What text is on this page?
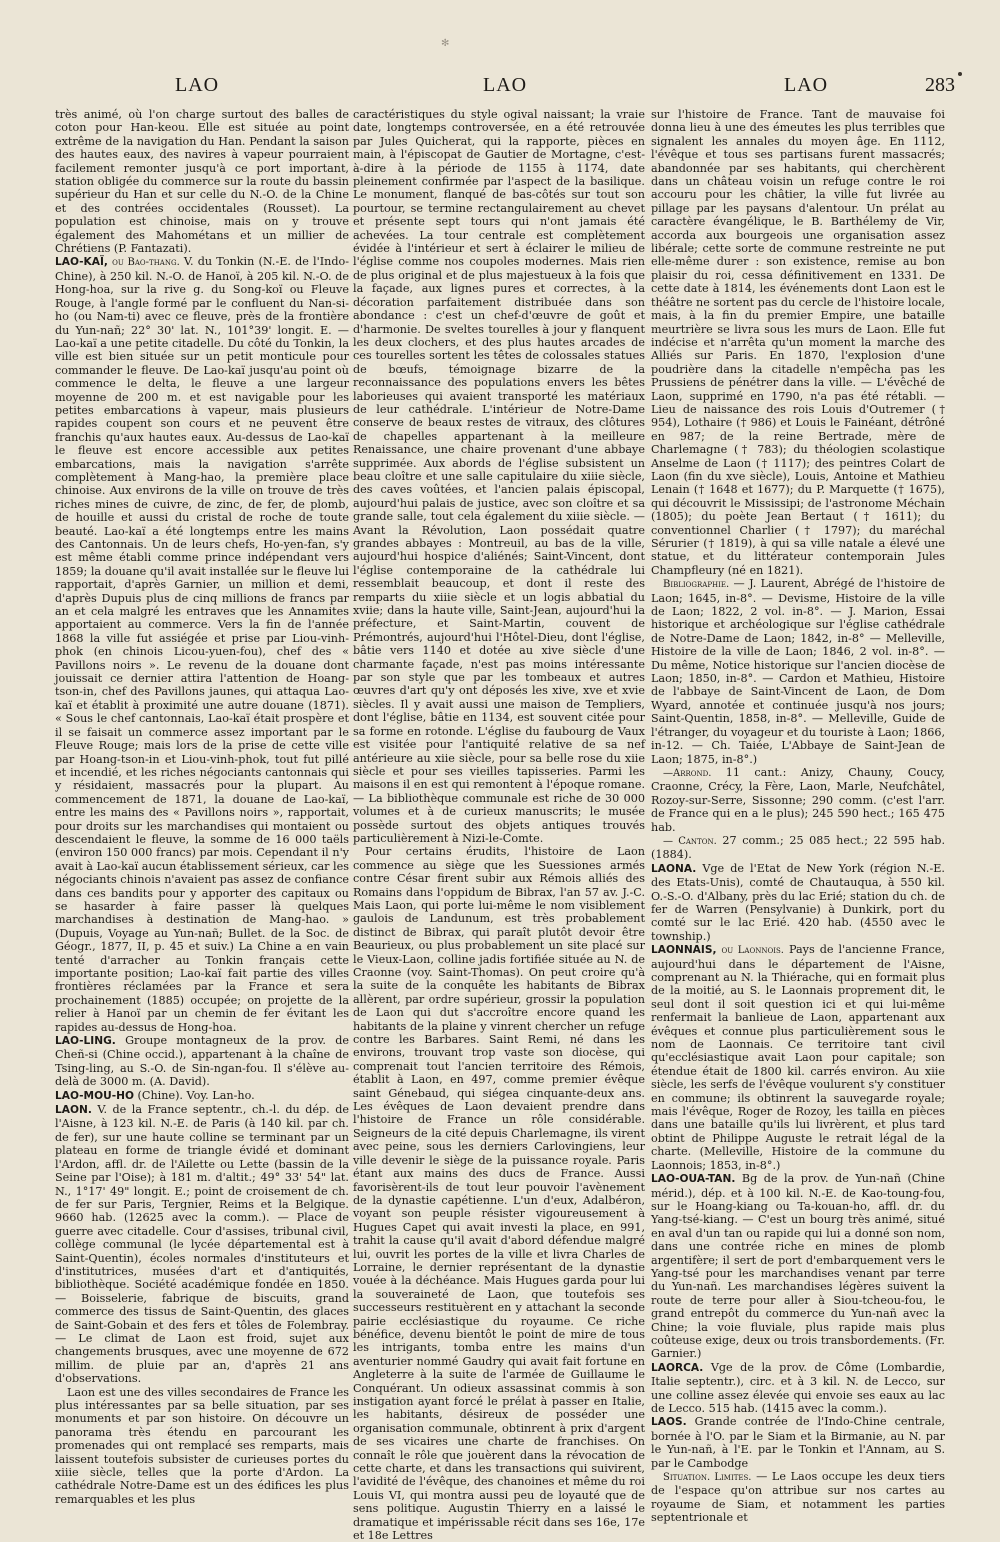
✻
LAO	LAO	LAO	283

très animé, où l'on charge surtout des balles de coton pour Han-keou. Elle est située au point extrême de la navigation du Han. Pendant la saison des hautes eaux, des navires à vapeur pourraient facilement remonter jusqu'à ce port important, station obligée du commerce sur la route du bassin supérieur du Han et sur celle du N.-O. de la Chine et des contrées occidentales (Rousset). La population est chinoise, mais on y trouve également des Mahométans et un millier de Chrétiens (P. Fantazati).

LAO-KAÏ, ou Bao-thang. V. du Tonkin (N.-E. de l'Indo-Chine), à 250 kil. N.-O. de Hanoï, à 205 kil. N.-O. de Hong-hoa, sur la rive g. du Song-koï ou Fleuve Rouge, à l'angle formé par le confluent du Nan-si-ho (ou Nam-ti) avec ce fleuve, près de la frontière du Yun-nañ; 22° 30' lat. N., 101°39' longit. E. — Lao-kaï a une petite citadelle. Du côté du Tonkin, la ville est bien située sur un petit monticule pour commander le fleuve. De Lao-kaï jusqu'au point où commence le delta, le fleuve a une largeur moyenne de 200 m. et est navigable pour les petites embarcations à vapeur, mais plusieurs rapides coupent son cours et ne peuvent être franchis qu'aux hautes eaux. Au-dessus de Lao-kaï le fleuve est encore accessible aux petites embarcations, mais la navigation s'arrête complètement à Mang-hao, la première place chinoise. Aux environs de la ville on trouve de très riches mines de cuivre, de zinc, de fer, de plomb, de houille et aussi du cristal de roche de toute beauté. Lao-kaï a été longtemps entre les mains des Cantonnais. Un de leurs chefs, Ho-yen-fan, s'y est même établi comme prince indépendant vers 1859; la douane qu'il avait installée sur le fleuve lui rapportait, d'après Garnier, un million et demi, d'après Dupuis plus de cinq millions de francs par an et cela malgré les entraves que les Annamites apportaient au commerce. Vers la fin de l'année 1868 la ville fut assiégée et prise par Liou-vinh-phok (en chinois Licou-yuen-fou), chef des « Pavillons noirs ». Le revenu de la douane dont jouissait ce dernier attira l'attention de Hoang-tson-in, chef des Pavillons jaunes, qui attaqua Lao-kaï et établit à proximité une autre douane (1871). « Sous le chef cantonnais, Lao-kaï était prospère et il se faisait un commerce assez important par le Fleuve Rouge; mais lors de la prise de cette ville par Hoang-tson-in et Liou-vinh-phok, tout fut pillé et incendié, et les riches négociants cantonnais qui y résidaient, massacrés pour la plupart. Au commencement de 1871, la douane de Lao-kaï, entre les mains des « Pavillons noirs », rapportait, pour droits sur les marchandises qui montaient ou descendaient le fleuve, la somme de 16 000 taëls (environ 150 000 francs) par mois. Cependant il n'y avait à Lao-kaï aucun établissement sérieux, car les négociants chinois n'avaient pas assez de confiance dans ces bandits pour y apporter des capitaux ou se hasarder à faire passer là quelques marchandises à destination de Mang-hao. » (Dupuis, Voyage au Yun-nañ; Bullet. de la Soc. de Géogr., 1877, II, p. 45 et suiv.) La Chine a en vain tenté d'arracher au Tonkin français cette importante position; Lao-kaï fait partie des villes frontières réclamées par la France et sera prochainement (1885) occupée; on projette de la relier à Hanoï par un chemin de fer évitant les rapides au-dessus de Hong-hoa.

LAO-LING. Groupe montagneux de la prov. de Cheñ-si (Chine occid.), appartenant à la chaîne de Tsing-ling, au S.-O. de Sin-ngan-fou. Il s'élève au-delà de 3000 m. (A. David).

LAO-MOU-HO (Chine). Voy. Lan-ho.

LAON. V. de la France septentr., ch.-l. du dép. de l'Aisne, à 123 kil. N.-E. de Paris (à 140 kil. par ch. de fer), sur une haute colline se terminant par un plateau en forme de triangle évidé et dominant l'Ardon, affl. dr. de l'Ailette ou Lette (bassin de la Seine par l'Oise); à 181 m. d'altit.; 49° 33' 54" lat. N., 1°17' 49" longit. E.; point de croisement de ch. de fer sur Paris, Tergnier, Reims et la Belgique. 9660 hab. (12625 avec la comm.). — Place de guerre avec citadelle. Cour d'assises, tribunal civil, collège communal (le lycée départemental est à Saint-Quentin), écoles normales d'instituteurs et d'institutrices, musées d'art et d'antiquités, bibliothèque. Société académique fondée en 1850. — Boisselerie, fabrique de biscuits, grand commerce des tissus de Saint-Quentin, des glaces de Saint-Gobain et des fers et tôles de Folembray. — Le climat de Laon est froid, sujet aux changements brusques, avec une moyenne de 672 millim. de pluie par an, d'après 21 ans d'observations.

Laon est une des villes secondaires de France les plus intéressantes par sa belle situation, par ses monuments et par son histoire. On découvre un panorama très étendu en parcourant les promenades qui ont remplacé ses remparts, mais laissent toutefois subsister de curieuses portes du xiiie siècle, telles que la porte d'Ardon. La cathédrale Notre-Dame est un des édifices les plus remarquables et les plus

caractéristiques du style ogival naissant; la vraie date, longtemps controversée, en a été retrouvée par Jules Quicherat, qui la rapporte, pièces en main, à l'épiscopat de Gautier de Mortagne, c'est-à-dire à la période de 1155 à 1174, date pleinement confirmée par l'aspect de la basilique. Le monument, flanqué de bas-côtés sur tout son pourtour, se termine rectangulairement au chevet et présente sept tours qui n'ont jamais été achevées. La tour centrale est complètement évidée à l'intérieur et sert à éclairer le milieu de l'église comme nos coupoles modernes. Mais rien de plus original et de plus majestueux à la fois que la façade, aux lignes pures et correctes, à la décoration parfaitement distribuée dans son abondance : c'est un chef-d'œuvre de goût et d'harmonie. De sveltes tourelles à jour y flanquent les deux clochers, et des plus hautes arcades de ces tourelles sortent les têtes de colossales statues de bœufs, témoignage bizarre de la reconnaissance des populations envers les bêtes laborieuses qui avaient transporté les matériaux de leur cathédrale. L'intérieur de Notre-Dame conserve de beaux restes de vitraux, des clôtures de chapelles appartenant à la meilleure Renaissance, une chaire provenant d'une abbaye supprimée. Aux abords de l'église subsistent un beau cloître et une salle capitulaire du xiiie siècle, des caves voûtées, et l'ancien palais épiscopal, aujourd'hui palais de justice, avec son cloître et sa grande salle, tout cela également du xiiie siècle. — Avant la Révolution, Laon possédait quatre grandes abbayes : Montreuil, au bas de la ville, aujourd'hui hospice d'aliénés; Saint-Vincent, dont l'église contemporaine de la cathédrale lui ressemblait beaucoup, et dont il reste des remparts du xiiie siècle et un logis abbatial du xviie; dans la haute ville, Saint-Jean, aujourd'hui la préfecture, et Saint-Martin, couvent de Prémontrés, aujourd'hui l'Hôtel-Dieu, dont l'église, bâtie vers 1140 et dotée au xive siècle d'une charmante façade, n'est pas moins intéressante par son style que par les tombeaux et autres œuvres d'art qu'y ont déposés les xive, xve et xvie siècles. Il y avait aussi une maison de Templiers, dont l'église, bâtie en 1134, est souvent citée pour sa forme en rotonde. L'église du faubourg de Vaux est visitée pour l'antiquité relative de sa nef antérieure au xiie siècle, pour sa belle rose du xiie siècle et pour ses vieilles tapisseries. Parmi les maisons il en est qui remontent à l'époque romane. — La bibliothèque communale est riche de 30 000 volumes et à de curieux manuscrits; le musée possède surtout des objets antiques trouvés particulièrement à Nizi-le-Comte.

Pour certains érudits, l'histoire de Laon commence au siège que les Suessiones armés contre César firent subir aux Rémois alliés des Romains dans l'oppidum de Bibrax, l'an 57 av. J.-C. Mais Laon, qui porte lui-même le nom visiblement gaulois de Landunum, est très probablement distinct de Bibrax, qui paraît plutôt devoir être Beaurieux, ou plus probablement un site placé sur le Vieux-Laon, colline jadis fortifiée située au N. de Craonne (voy. Saint-Thomas). On peut croire qu'à la suite de la conquête les habitants de Bibrax allèrent, par ordre supérieur, grossir la population de Laon qui dut s'accroître encore quand les habitants de la plaine y vinrent chercher un refuge contre les Barbares. Saint Remi, né dans les environs, trouvant trop vaste son diocèse, qui comprenait tout l'ancien territoire des Rémois, établit à Laon, en 497, comme premier évêque saint Génebaud, qui siégea cinquante-deux ans. Les évêques de Laon devaient prendre dans l'histoire de France un rôle considérable. Seigneurs de la cité depuis Charlemagne, ils virent avec peine, sous les derniers Carlovingiens, leur ville devenir le siège de la puissance royale. Paris étant aux mains des ducs de France. Aussi favorisèrent-ils de tout leur pouvoir l'avènement de la dynastie capétienne. L'un d'eux, Adalbéron, voyant son peuple résister vigoureusement à Hugues Capet qui avait investi la place, en 991, trahit la cause qu'il avait d'abord défendue malgré lui, ouvrit les portes de la ville et livra Charles de Lorraine, le dernier représentant de la dynastie vouée à la déchéance. Mais Hugues garda pour lui la souveraineté de Laon, que toutefois ses successeurs restituèrent en y attachant la seconde pairie ecclésiastique du royaume. Ce riche bénéfice, devenu bientôt le point de mire de tous les intrigants, tomba entre les mains d'un aventurier nommé Gaudry qui avait fait fortune en Angleterre à la suite de l'armée de Guillaume le Conquérant. Un odieux assassinat commis à son instigation ayant forcé le prélat à passer en Italie, les habitants, désireux de posséder une organisation communale, obtinrent à prix d'argent de ses vicaires une charte de franchises. On connaît le rôle que jouèrent dans la révocation de cette charte, et dans les transactions qui suivirent, l'avidité de l'évêque, des chanoines et même du roi Louis VI, qui montra aussi peu de loyauté que de sens politique. Augustin Thierry en a laissé le dramatique et impérissable récit dans ses 16e, 17e et 18e Lettres

sur l'histoire de France. Tant de mauvaise foi donna lieu à une des émeutes les plus terribles que signalent les annales du moyen âge. En 1112, l'évêque et tous ses partisans furent massacrés; abandonnée par ses habitants, qui cherchèrent dans un château voisin un refuge contre le roi accouru pour les châtier, la ville fut livrée au pillage par les paysans d'alentour. Un prélat au caractère évangélique, le B. Barthélemy de Vir, accorda aux bourgeois une organisation assez libérale; cette sorte de commune restreinte ne put elle-même durer : son existence, remise au bon plaisir du roi, cessa définitivement en 1331. De cette date à 1814, les événements dont Laon est le théâtre ne sortent pas du cercle de l'histoire locale, mais, à la fin du premier Empire, une bataille meurtrière se livra sous les murs de Laon. Elle fut indécise et n'arrêta qu'un moment la marche des Alliés sur Paris. En 1870, l'explosion d'une poudrière dans la citadelle n'empêcha pas les Prussiens de pénétrer dans la ville. — L'évêché de Laon, supprimé en 1790, n'a pas été rétabli. — Lieu de naissance des rois Louis d'Outremer († 954), Lothaire († 986) et Louis le Fainéant, détrôné en 987; de la reine Bertrade, mère de Charlemagne († 783); du théologien scolastique Anselme de Laon († 1117); des peintres Colart de Laon (fin du xve siècle), Louis, Antoine et Mathieu Lenain († 1648 et 1677); du P. Marquette († 1675), qui découvrit le Mississipi; de l'astronome Méchain (1805); du poète Jean Bertaut († 1611); du conventionnel Charlier († 1797); du maréchal Sérurier († 1819), à qui sa ville natale a élevé une statue, et du littérateur contemporain Jules Champfleury (né en 1821).

Bibliographie. — J. Laurent, Abrégé de l'histoire de Laon; 1645, in-8°. — Devisme, Histoire de la ville de Laon; 1822, 2 vol. in-8°. — J. Marion, Essai historique et archéologique sur l'église cathédrale de Notre-Dame de Laon; 1842, in-8° — Melleville, Histoire de la ville de Laon; 1846, 2 vol. in-8°. — Du même, Notice historique sur l'ancien diocèse de Laon; 1850, in-8°. — Cardon et Mathieu, Histoire de l'abbaye de Saint-Vincent de Laon, de Dom Wyard, annotée et continuée jusqu'à nos jours; Saint-Quentin, 1858, in-8°. — Melleville, Guide de l'étranger, du voyageur et du touriste à Laon; 1866, in-12. — Ch. Taiée, L'Abbaye de Saint-Jean de Laon; 1875, in-8°.)

—Arrond. 11 cant.: Anizy, Chauny, Coucy, Craonne, Crécy, la Fère, Laon, Marle, Neufchâtel, Rozoy-sur-Serre, Sissonne; 290 comm. (c'est l'arr. de France qui en a le plus); 245 590 hect.; 165 475 hab.

— Canton. 27 comm.; 25 085 hect.; 22 595 hab. (1884).

LAONA. Vge de l'Etat de New York (région N.-E. des Etats-Unis), comté de Chautauqua, à 550 kil. O.-S.-O. d'Albany, près du lac Erié; station du ch. de fer de Warren (Pensylvanie) à Dunkirk, port du comté sur le lac Erié. 420 hab. (4550 avec le township.)

LAONNAIS, ou Laonnois. Pays de l'ancienne France, aujourd'hui dans le département de l'Aisne, comprenant au N. la Thiérache, qui en formait plus de la moitié, au S. le Laonnais proprement dit, le seul dont il soit question ici et qui lui-même renfermait la banlieue de Laon, appartenant aux évêques et connue plus particulièrement sous le nom de Laonnais. Ce territoire tant civil qu'ecclésiastique avait Laon pour capitale; son étendue était de 1800 kil. carrés environ. Au xiie siècle, les serfs de l'évêque voulurent s'y constituer en commune; ils obtinrent la sauvegarde royale; mais l'évêque, Roger de Rozoy, les tailla en pièces dans une bataille qu'ils lui livrèrent, et plus tard obtint de Philippe Auguste le retrait légal de la charte. (Melleville, Histoire de la commune du Laonnois; 1853, in-8°.)

LAO-OUA-TAN. Bg de la prov. de Yun-nañ (Chine mérid.), dép. et à 100 kil. N.-E. de Kao-toung-fou, sur le Hoang-kiang ou Ta-kouan-ho, affl. dr. du Yang-tsé-kiang. — C'est un bourg très animé, situé en aval d'un tan ou rapide qui lui a donné son nom, dans une contrée riche en mines de plomb argentifère; il sert de port d'embarquement vers le Yang-tsé pour les marchandises venant par terre du Yun-nañ. Les marchandises légères suivent la route de terre pour aller à Siou-tcheou-fou, le grand entrepôt du commerce du Yun-nañ avec la Chine; la voie fluviale, plus rapide mais plus coûteuse exige, deux ou trois transbordements. (Fr. Garnier.)

LAORCA. Vge de la prov. de Côme (Lombardie, Italie septentr.), circ. et à 3 kil. N. de Lecco, sur une colline assez élevée qui envoie ses eaux au lac de Lecco. 515 hab. (1415 avec la comm.).

LAOS. Grande contrée de l'Indo-Chine centrale, bornée à l'O. par le Siam et la Birmanie, au N. par le Yun-nañ, à l'E. par le Tonkin et l'Annam, au S. par le Cambodge

Situation. Limites. — Le Laos occupe les deux tiers de l'espace qu'on attribue sur nos cartes au royaume de Siam, et notamment les parties septentrionale et
